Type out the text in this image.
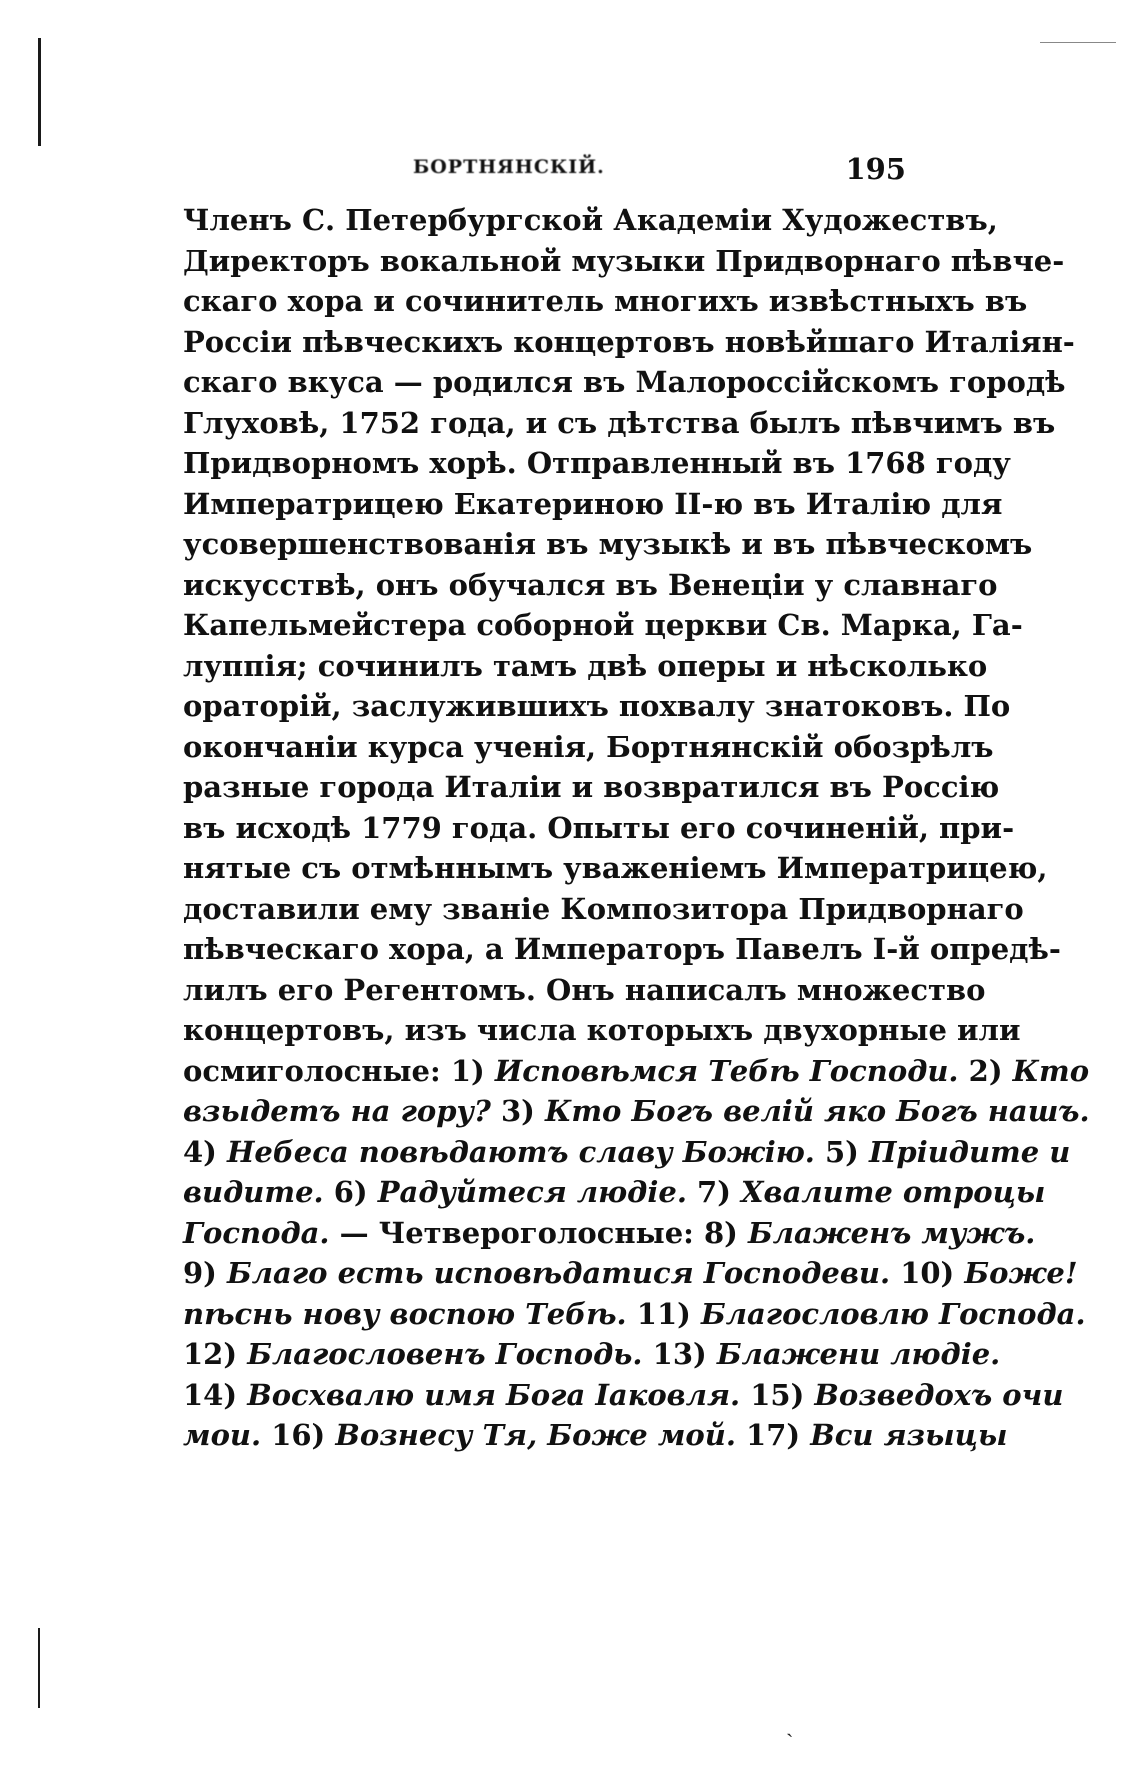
БОРТНЯНСКІЙ.	195
Членъ С. Петербургской Академіи Художествъ,
Директоръ вокальной музыки Придворнаго пѣвче-
скаго хора и сочинитель многихъ извѣстныхъ въ
Россіи пѣвческихъ концертовъ новѣйшаго Италіян-
скаго вкуса — родился въ Малороссійскомъ городѣ
Глуховѣ, 1752 года, и съ дѣтства былъ пѣвчимъ въ
Придворномъ хорѣ. Отправленный въ 1768 году
Императрицею Екатериною II-ю въ Италію для
усовершенствованія въ музыкѣ и въ пѣвческомъ
искусствѣ, онъ обучался въ Венеціи у славнаго
Капельмейстера соборной церкви Св. Марка, Га-
луппія; сочинилъ тамъ двѣ оперы и нѣсколько
ораторій, заслужившихъ похвалу знатоковъ. По
окончаніи курса ученія, Бортнянскій обозрѣлъ
разные города Италіи и возвратился въ Россію
въ исходѣ 1779 года. Опыты его сочиненій, при-
нятые съ отмѣннымъ уваженіемъ Императрицею,
доставили ему званіе Композитора Придворнаго
пѣвческаго хора, а Императоръ Павелъ І-й опредѣ-
лилъ его Регентомъ. Онъ написалъ множество
концертовъ, изъ числа которыхъ двухорные или
осмиголосные: 1) Исповѣмся Тебѣ Господи. 2) Кто
взыдетъ на гору? 3) Кто Богъ велій яко Богъ нашъ.
4) Небеса повѣдаютъ славу Божію. 5) Пріидите и
видите. 6) Радуйтеся людіе. 7) Хвалите отроцы
Господа. — Четвероголосные: 8) Блаженъ мужъ.
9) Благо есть исповѣдатися Господеви. 10) Боже!
пѣснь нову воспою Тебѣ. 11) Благословлю Господа.
12) Благословенъ Господь. 13) Блажени людіе.
14) Восхвалю имя Бога Іаковля. 15) Возведохъ очи
мои. 16) Вознесу Тя, Боже мой. 17) Вси языцы
ˏ
